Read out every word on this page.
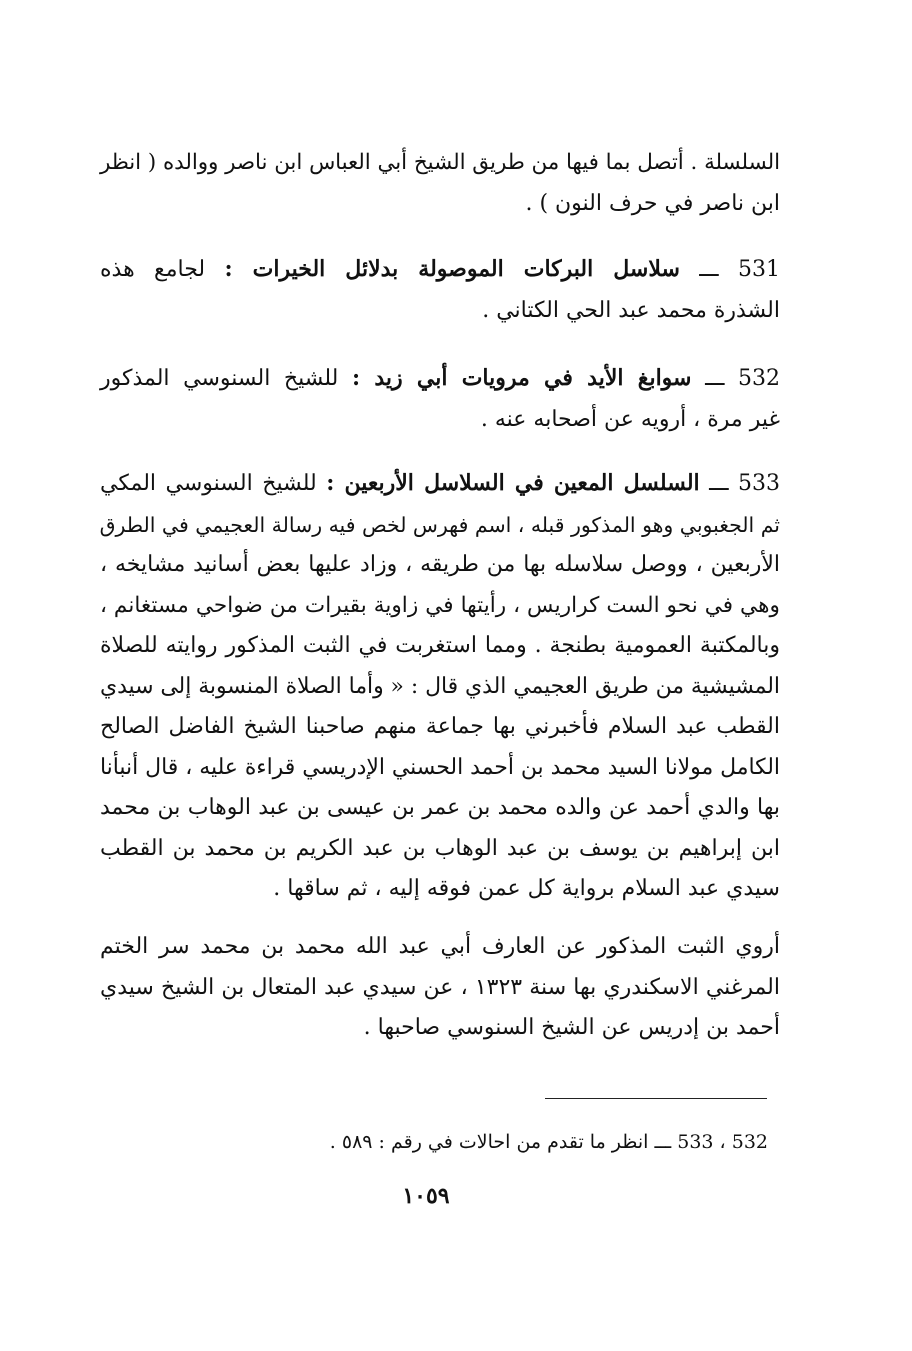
السلسلة . أتصل بما فيها من طريق الشيخ أبي العباس ابن ناصر ووالده ( انظر
ابن ناصر في حرف النون ) .
531 ـــ سلاسل البركات الموصولة بدلائل الخيرات : لجامع هذه
الشذرة محمد عبد الحي الكتاني .
532 ـــ سوابغ الأيد في مرويات أبي زيد : للشيخ السنوسي المذكور
غير مرة ، أرويه عن أصحابه عنه .
533 ـــ السلسل المعين في السلاسل الأربعين : للشيخ السنوسي المكي
ثم الجغبوبي وهو المذكور قبله ، اسم فهرس لخص فيه رسالة العجيمي في الطرق
الأربعين ، ووصل سلاسله بها من طريقه ، وزاد عليها بعض أسانيد مشايخه ،
وهي في نحو الست كراريس ، رأيتها في زاوية بقيرات من ضواحي مستغانم ،
وبالمكتبة العمومية بطنجة . ومما استغربت في الثبت المذكور روايته للصلاة
المشيشية من طريق العجيمي الذي قال : « وأما الصلاة المنسوبة إلى سيدي
القطب عبد السلام فأخبرني بها جماعة منهم صاحبنا الشيخ الفاضل الصالح
الكامل مولانا السيد محمد بن أحمد الحسني الإدريسي قراءة عليه ، قال أنبأنا
بها والدي أحمد عن والده محمد بن عمر بن عيسى بن عبد الوهاب بن محمد
ابن إبراهيم بن يوسف بن عبد الوهاب بن عبد الكريم بن محمد بن القطب
سيدي عبد السلام برواية كل عمن فوقه إليه ، ثم ساقها .
أروي الثبت المذكور عن العارف أبي عبد الله محمد بن محمد سر الختم
المرغني الاسكندري بها سنة ١٣٢٣ ، عن سيدي عبد المتعال بن الشيخ سيدي
أحمد بن إدريس عن الشيخ السنوسي صاحبها .
532 ، 533 ـــ انظر ما تقدم من احالات في رقم : ٥٨٩ .
١٠٥٩
